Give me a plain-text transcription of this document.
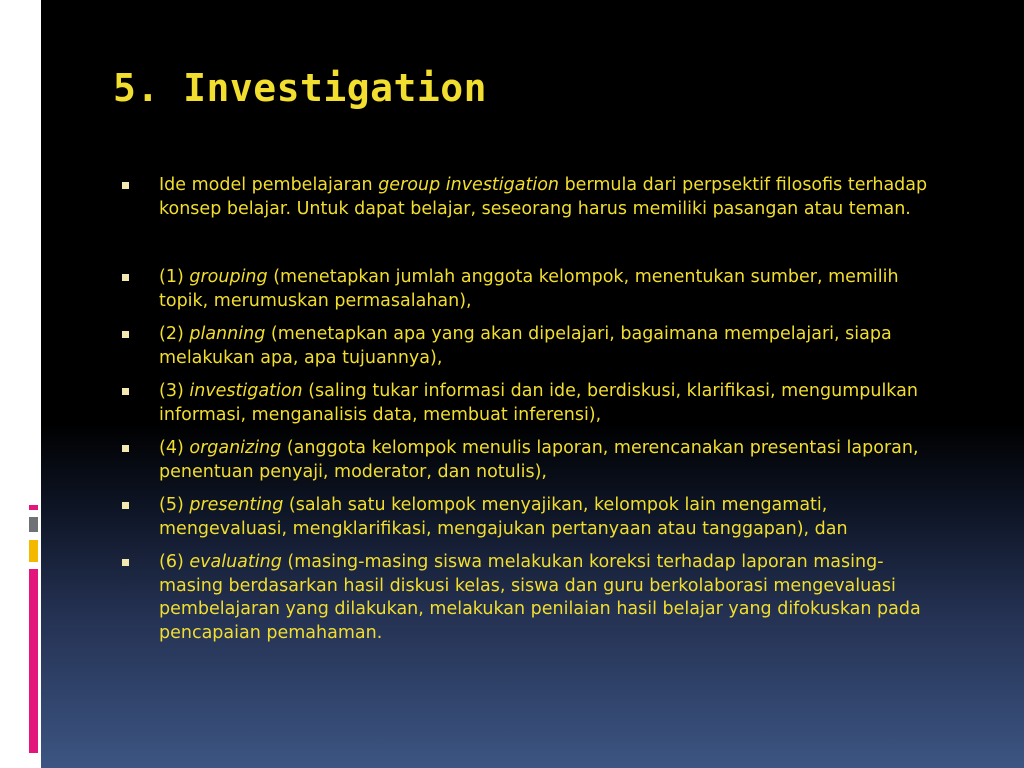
5. Investigation

Ide model pembelajaran geroup investigation bermula dari perpsektif filosofis terhadap konsep belajar. Untuk dapat belajar, seseorang harus memiliki pasangan atau teman.

(1) grouping (menetapkan jumlah anggota kelompok, menentukan sumber, memilih topik, merumuskan permasalahan),

(2) planning (menetapkan apa yang akan dipelajari, bagaimana mempelajari, siapa melakukan apa, apa tujuannya),

(3) investigation (saling tukar informasi dan ide, berdiskusi, klarifikasi, mengumpulkan informasi, menganalisis data, membuat inferensi),

(4) organizing (anggota kelompok menulis laporan, merencanakan presentasi laporan, penentuan penyaji, moderator, dan notulis),

(5) presenting (salah satu kelompok menyajikan, kelompok lain mengamati, mengevaluasi, mengklarifikasi, mengajukan pertanyaan atau tanggapan), dan

(6) evaluating (masing-masing siswa melakukan koreksi terhadap laporan masing-masing berdasarkan hasil diskusi kelas, siswa dan guru berkolaborasi mengevaluasi pembelajaran yang dilakukan, melakukan penilaian hasil belajar yang difokuskan pada pencapaian pemahaman.
